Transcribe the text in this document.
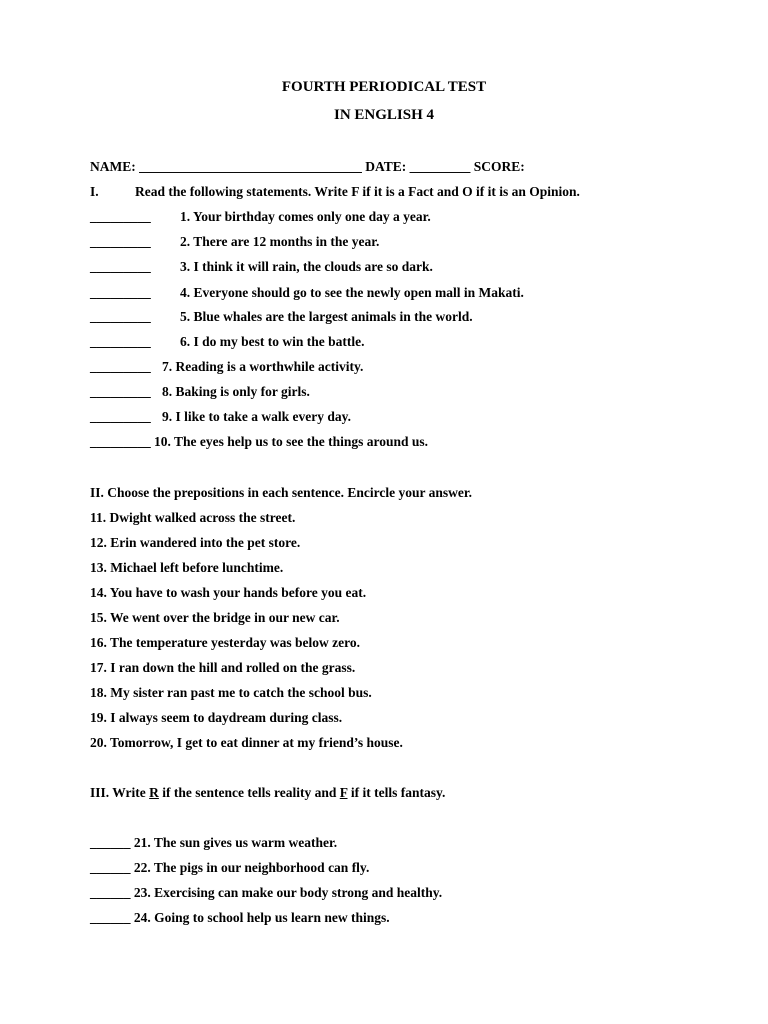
FOURTH PERIODICAL TEST
IN ENGLISH 4
NAME: _________________________________ DATE: _________ SCORE:
I.	Read the following statements. Write F if it is a Fact and O if it is an Opinion.
_________ 1. Your birthday comes only one day a year.
_________ 2. There are 12 months in the year.
_________ 3. I think it will rain, the clouds are so dark.
_________ 4. Everyone should go to see the newly open mall in Makati.
_________ 5. Blue whales are the largest animals in the world.
_________ 6. I do my best to win the battle.
_________ 7. Reading is a worthwhile activity.
_________ 8. Baking is only for girls.
_________ 9. I like to take a walk every day.
_________ 10. The eyes help us to see the things around us.
II. Choose the prepositions in each sentence. Encircle your answer.
11. Dwight walked across the street.
12. Erin wandered into the pet store.
13. Michael left before lunchtime.
14. You have to wash your hands before you eat.
15. We went over the bridge in our new car.
16. The temperature yesterday was below zero.
17. I ran down the hill and rolled on the grass.
18. My sister ran past me to catch the school bus.
19. I always seem to daydream during class.
20. Tomorrow, I get to eat dinner at my friend’s house.
III. Write R if the sentence tells reality and F if it tells fantasy.
______ 21. The sun gives us warm weather.
______ 22. The pigs in our neighborhood can fly.
______ 23. Exercising can make our body strong and healthy.
______ 24. Going to school help us learn new things.
